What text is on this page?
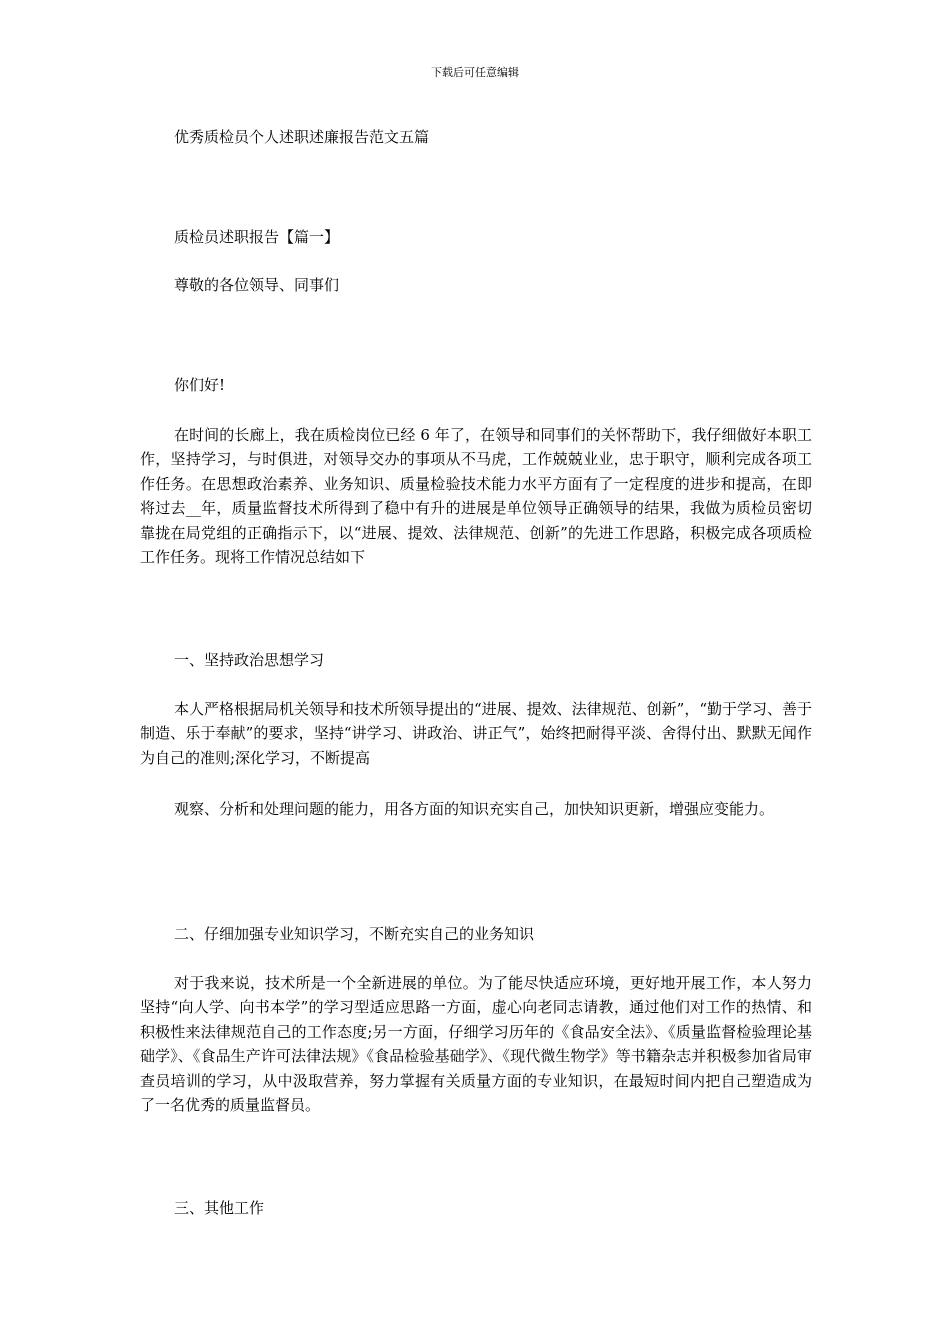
下载后可任意编辑
优秀质检员个人述职述廉报告范文五篇
质检员述职报告【篇一】
尊敬的各位领导、同事们
你们好!

在时间的长廊上，我在质检岗位已经 6 年了，在领导和同事们的关怀帮助下，我仔细做好本职工作，坚持学习，与时俱进，对领导交办的事项从不马虎，工作兢兢业业，忠于职守，顺利完成各项工作任务。在思想政治素养、业务知识、质量检验技术能力水平方面有了一定程度的进步和提高，在即将过去__年，质量监督技术所得到了稳中有升的进展是单位领导正确领导的结果，我做为质检员密切靠拢在局党组的正确指示下，以“进展、提效、法律规范、创新”的先进工作思路，积极完成各项质检工作任务。现将工作情况总结如下

一、坚持政治思想学习

本人严格根据局机关领导和技术所领导提出的“进展、提效、法律规范、创新”，“勤于学习、善于制造、乐于奉献”的要求，坚持“讲学习、讲政治、讲正气”，始终把耐得平淡、舍得付出、默默无闻作为自己的准则;深化学习，不断提高

观察、分析和处理问题的能力，用各方面的知识充实自己，加快知识更新，增强应变能力。

二、仔细加强专业知识学习，不断充实自己的业务知识

对于我来说，技术所是一个全新进展的单位。为了能尽快适应环境，更好地开展工作，本人努力坚持“向人学、向书本学”的学习型适应思路一方面，虚心向老同志请教，通过他们对工作的热情、和积极性来法律规范自己的工作态度;另一方面，仔细学习历年的《食品安全法》、《质量监督检验理论基础学》、《食品生产许可法律法规》《食品检验基础学》、《现代微生物学》等书籍杂志并积极参加省局审查员培训的学习，从中汲取营养，努力掌握有关质量方面的专业知识，在最短时间内把自己塑造成为了一名优秀的质量监督员。

三、其他工作
